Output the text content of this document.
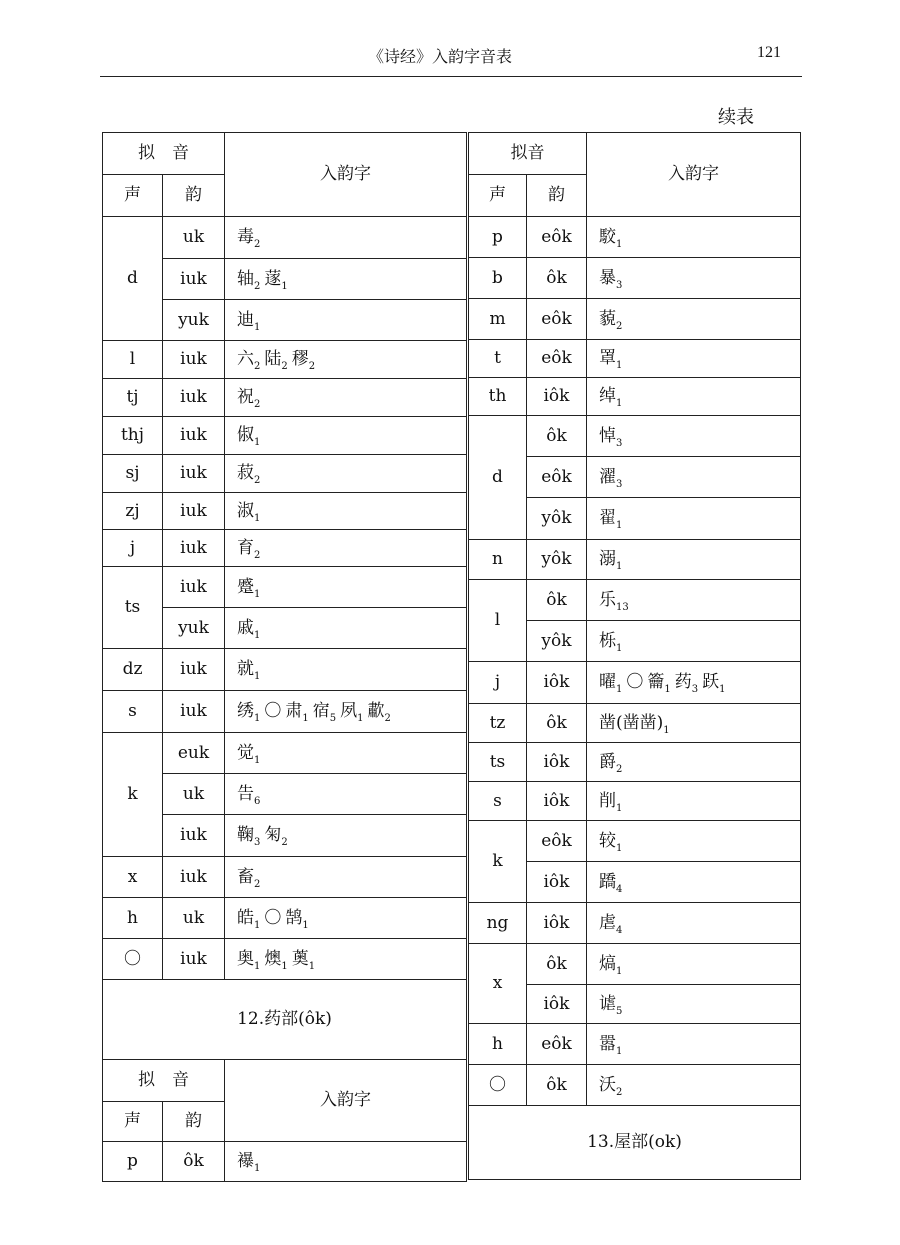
《诗经》入韵字音表	121
续表
拟　音		入韵字
声	韵	
d	uk	毒$_2$
	iuk	轴$_2$ 蓫$_1$
	yuk	迪$_1$
l	iuk	六$_2$ 陆$_2$ 穋$_2$
tj	iuk	祝$_2$
thj	iuk	俶$_1$
sj	iuk	菽$_2$
zj	iuk	淑$_1$
j	iuk	育$_2$
ts	iuk	蹙$_1$
	yuk	戚$_1$
dz	iuk	就$_1$
s	iuk	绣$_1$ 〇 肃$_1$ 宿$_5$ 夙$_1$ 歗$_2$
k	euk	觉$_1$
	uk	告$_6$
	iuk	鞠$_3$ 匊$_2$
x	iuk	畜$_2$
h	uk	皓$_1$ 〇 鹄$_1$
〇	iuk	奥$_1$ 燠$_1$ 薁$_1$
12.药部(ôk)		
拟　音		入韵字
声	韵	
p	ôk	襮$_1$
拟音		入韵字
声	韵	
p	eôk	駮$_1$
b	ôk	暴$_3$
m	eôk	藐$_2$
t	eôk	罩$_1$
th	iôk	绰$_1$
d	ôk	悼$_3$
	eôk	濯$_3$
	yôk	翟$_1$
n	yôk	溺$_1$
l	ôk	乐$_{13}$
	yôk	栎$_1$
j	iôk	曜$_1$ 〇 籥$_1$ 药$_3$ 跃$_1$
tz	ôk	凿(凿凿)$_1$
ts	iôk	爵$_2$
s	iôk	削$_1$
k	eôk	较$_1$
	iôk	蹻$_4$
ng	iôk	虐$_4$
x	ôk	熇$_1$
	iôk	谑$_5$
h	eôk	嚣$_1$
〇	ôk	沃$_2$
13.屋部(ok)		
